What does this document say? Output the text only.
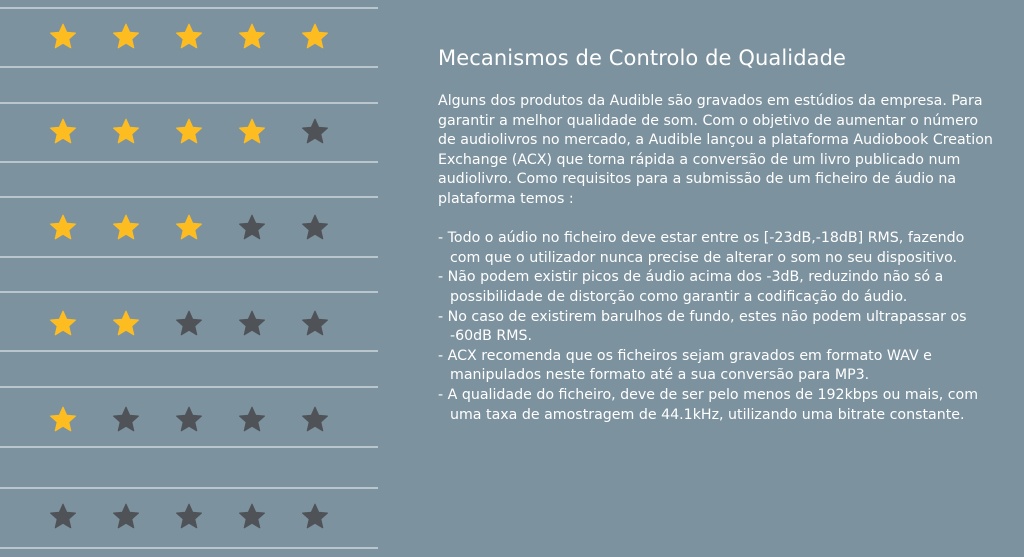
Mecanismos de Controlo de Qualidade

Alguns dos produtos da Audible são gravados em estúdios da empresa. Para garantir a melhor qualidade de som. Com o objetivo de aumentar o número de audiolivros no mercado, a Audible lançou a plataforma Audiobook Creation Exchange (ACX) que torna rápida a conversão de um livro publicado num audiolivro. Como requisitos para a submissão de um ficheiro de áudio na plataforma temos :

- Todo o aúdio no ficheiro deve estar entre os [-23dB,-18dB] RMS, fazendo com que o utilizador nunca precise de alterar o som no seu dispositivo.
- Não podem existir picos de áudio acima dos -3dB, reduzindo não só a possibilidade de distorção como garantir a codificação do áudio.
- No caso de existirem barulhos de fundo, estes não podem ultrapassar os -60dB RMS.
- ACX recomenda que os ficheiros sejam gravados em formato WAV e manipulados neste formato até a sua conversão para MP3.
- A qualidade do ficheiro, deve de ser pelo menos de 192kbps ou mais, com uma taxa de amostragem de 44.1kHz, utilizando uma bitrate constante.
